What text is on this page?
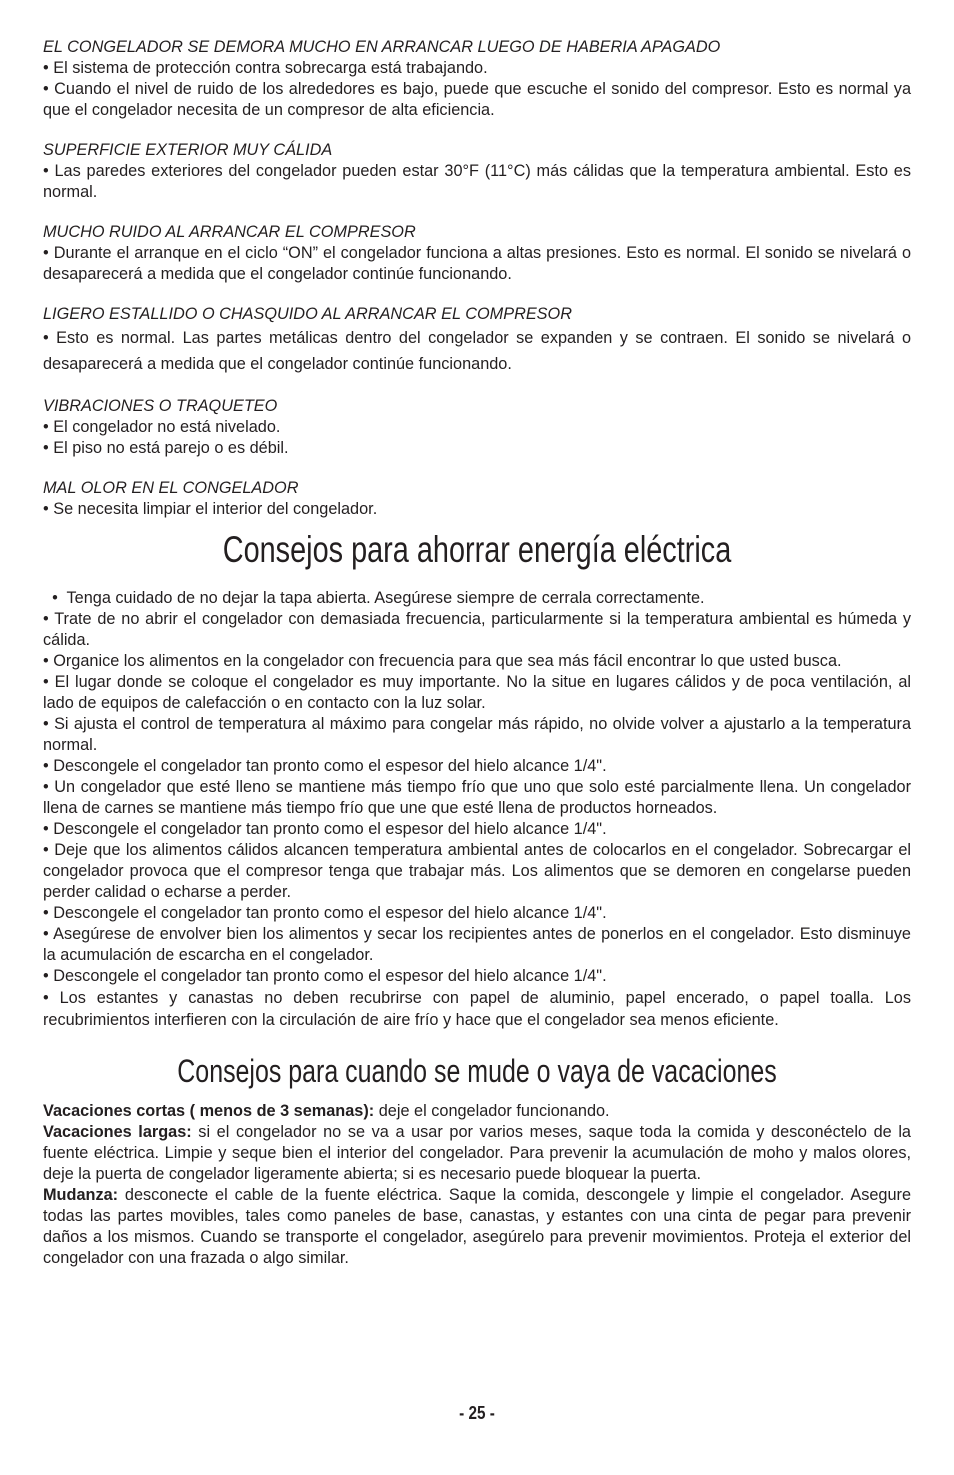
EL CONGELADOR SE DEMORA MUCHO EN ARRANCAR LUEGO DE HABERIA APAGADO

• El sistema de protección contra sobrecarga está trabajando.

• Cuando el nivel de ruido de los alrededores es bajo, puede que escuche el sonido del compresor. Esto es normal ya que el congelador necesita de un compresor de alta eficiencia.

SUPERFICIE EXTERIOR MUY CÁLIDA

• Las paredes exteriores del congelador pueden estar 30°F (11°C) más cálidas que la temperatura ambiental. Esto es normal.

MUCHO RUIDO AL ARRANCAR EL COMPRESOR

• Durante el arranque en el ciclo “ON” el congelador funciona a altas presiones. Esto es normal. El sonido se nivelará o desaparecerá a medida que el congelador continúe funcionando.

LIGERO ESTALLIDO O CHASQUIDO AL ARRANCAR EL COMPRESOR

• Esto es normal. Las partes metálicas dentro del congelador se expanden y se contraen. El sonido se nivelará o desaparecerá a medida que el congelador continúe funcionando.

VIBRACIONES O TRAQUETEO

• El congelador no está nivelado.

• El piso no está parejo o es débil.

MAL OLOR EN EL CONGELADOR

• Se necesita limpiar el interior del congelador.

Consejos para ahorrar energía eléctrica

•  Tenga cuidado de no dejar la tapa abierta. Asegúrese siempre de cerrala correctamente.

• Trate de no abrir el congelador con demasiada frecuencia, particularmente si la temperatura ambiental es húmeda y cálida.

• Organice los alimentos en la congelador con frecuencia para que sea más fácil encontrar lo que usted busca.

• El lugar donde se coloque el congelador es muy importante. No la situe en lugares cálidos y de poca ventilación, al lado de equipos de calefacción o en contacto con la luz solar.

• Si ajusta el control de temperatura al máximo para congelar más rápido, no olvide volver a ajustarlo a la temperatura normal.

• Descongele el congelador tan pronto como el espesor del hielo alcance 1/4".

• Un congelador que esté lleno se mantiene más tiempo frío que uno que solo esté parcialmente llena. Un congelador llena de carnes se mantiene más tiempo frío que une que esté llena de productos horneados.

• Descongele el congelador tan pronto como el espesor del hielo alcance 1/4".

• Deje que los alimentos cálidos alcancen temperatura ambiental antes de colocarlos en el congelador. Sobrecargar el congelador provoca que el compresor tenga que trabajar más. Los alimentos que se demoren en congelarse pueden perder calidad o echarse a perder.

• Descongele el congelador tan pronto como el espesor del hielo alcance 1/4".

• Asegúrese de envolver bien los alimentos y secar los recipientes antes de ponerlos en el congelador. Esto disminuye la acumulación de escarcha en el congelador.

• Descongele el congelador tan pronto como el espesor del hielo alcance 1/4".

• Los estantes y canastas no deben recubrirse con papel de aluminio, papel encerado, o papel toalla. Los recubrimientos interfieren con la circulación de aire frío y hace que el congelador sea menos eficiente.

Consejos para cuando se mude o vaya de vacaciones

Vacaciones cortas ( menos de 3 semanas): deje el congelador funcionando.

Vacaciones largas: si el congelador no se va a usar por varios meses, saque toda la comida y desconéctelo de la fuente eléctrica. Limpie y seque bien el interior del congelador. Para prevenir la acumulación de moho y malos olores, deje la puerta de congelador ligeramente abierta; si es necesario puede bloquear la puerta.

Mudanza: desconecte el cable de la fuente eléctrica. Saque la comida, descongele y limpie el congelador. Asegure todas las partes movibles, tales como paneles de base, canastas, y estantes con una cinta de pegar para prevenir daños a los mismos. Cuando se transporte el congelador, asegúrelo para prevenir movimientos. Proteja el exterior del congelador con una frazada o algo similar.

- 25 -
